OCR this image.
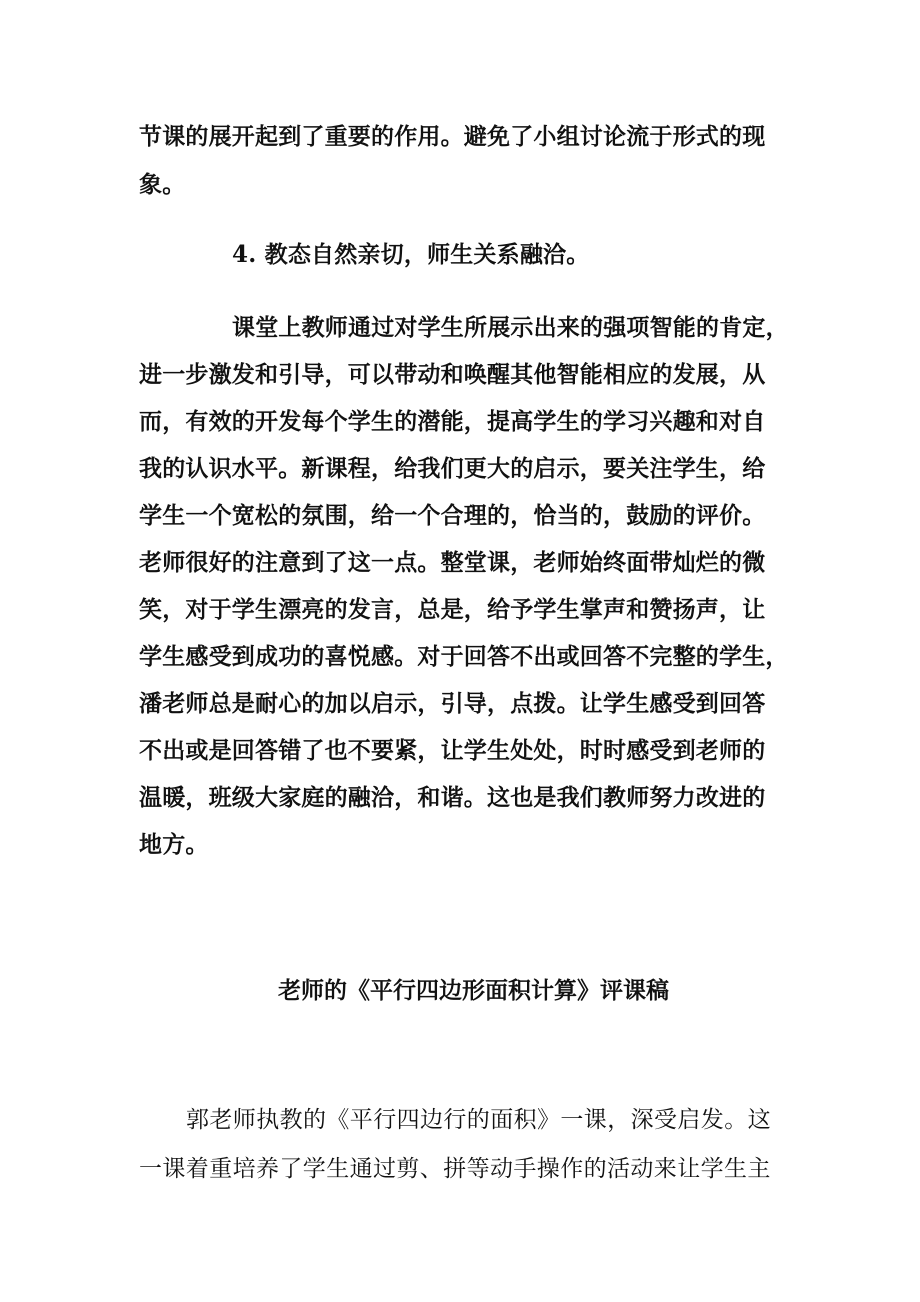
节课的展开起到了重要的作用。避免了小组讨论流于形式的现
象。
4. 教态自然亲切，师生关系融洽。
课堂上教师通过对学生所展示出来的强项智能的肯定，
进一步激发和引导，可以带动和唤醒其他智能相应的发展，从
而，有效的开发每个学生的潜能，提高学生的学习兴趣和对自
我的认识水平。新课程，给我们更大的启示，要关注学生，给
学生一个宽松的氛围，给一个合理的，恰当的，鼓励的评价。
老师很好的注意到了这一点。整堂课，老师始终面带灿烂的微
笑，对于学生漂亮的发言，总是，给予学生掌声和赞扬声，让
学生感受到成功的喜悦感。对于回答不出或回答不完整的学生，
潘老师总是耐心的加以启示，引导，点拨。让学生感受到回答
不出或是回答错了也不要紧，让学生处处，时时感受到老师的
温暖，班级大家庭的融洽，和谐。这也是我们教师努力改进的
地方。
老师的《平行四边形面积计算》评课稿
郭老师执教的《平行四边行的面积》一课，深受启发。这
一课着重培养了学生通过剪、拼等动手操作的活动来让学生主
